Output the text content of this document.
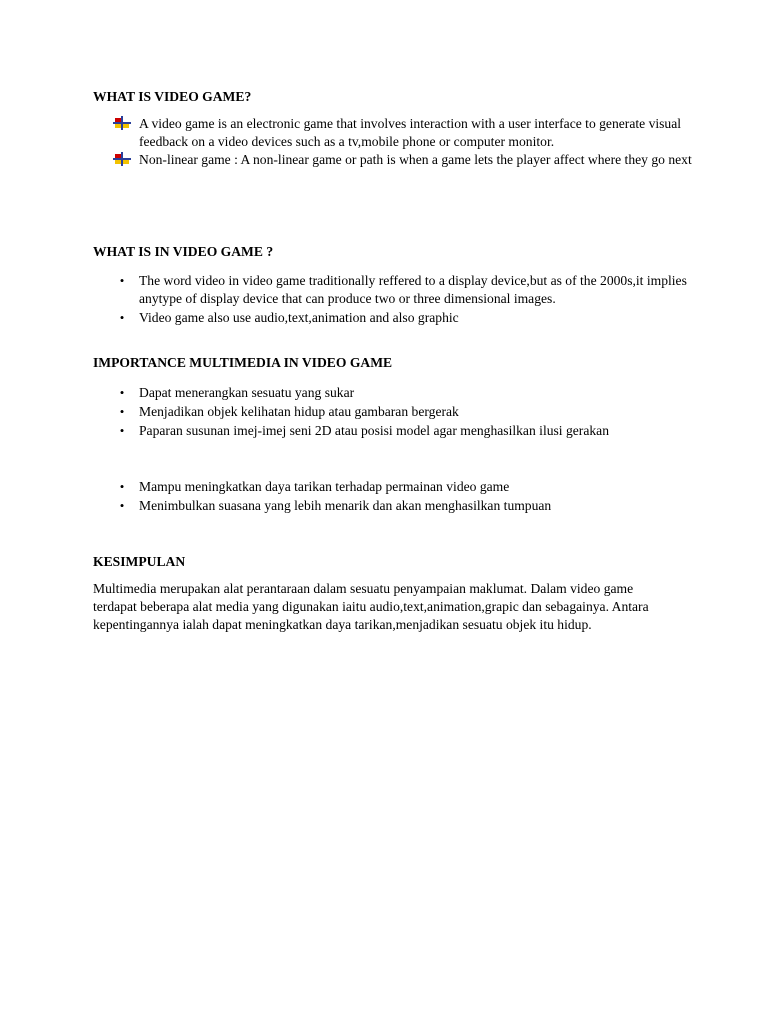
WHAT IS VIDEO GAME?
A video game is an electronic game that involves interaction with a user interface to generate visual feedback on a video devices such as a tv,mobile phone or computer monitor.
Non-linear game : A non-linear game or path is when a game lets the player affect where they go next
WHAT IS IN VIDEO GAME ?
• The word video in video game traditionally reffered to a display device,but as of the 2000s,it implies anytype of display device that can produce two or three dimensional images.
• Video game also use audio,text,animation and also graphic
IMPORTANCE MULTIMEDIA IN VIDEO GAME
• Dapat menerangkan sesuatu yang sukar
• Menjadikan objek kelihatan hidup atau gambaran bergerak
• Paparan susunan imej-imej seni 2D atau posisi model agar menghasilkan ilusi gerakan
• Mampu meningkatkan daya tarikan terhadap permainan video game
• Menimbulkan suasana yang lebih menarik dan akan menghasilkan tumpuan
KESIMPULAN

Multimedia merupakan alat perantaraan dalam sesuatu penyampaian maklumat. Dalam video game terdapat beberapa alat media yang digunakan iaitu audio,text,animation,grapic dan sebagainya. Antara kepentingannya ialah dapat meningkatkan daya tarikan,menjadikan sesuatu objek itu hidup.
